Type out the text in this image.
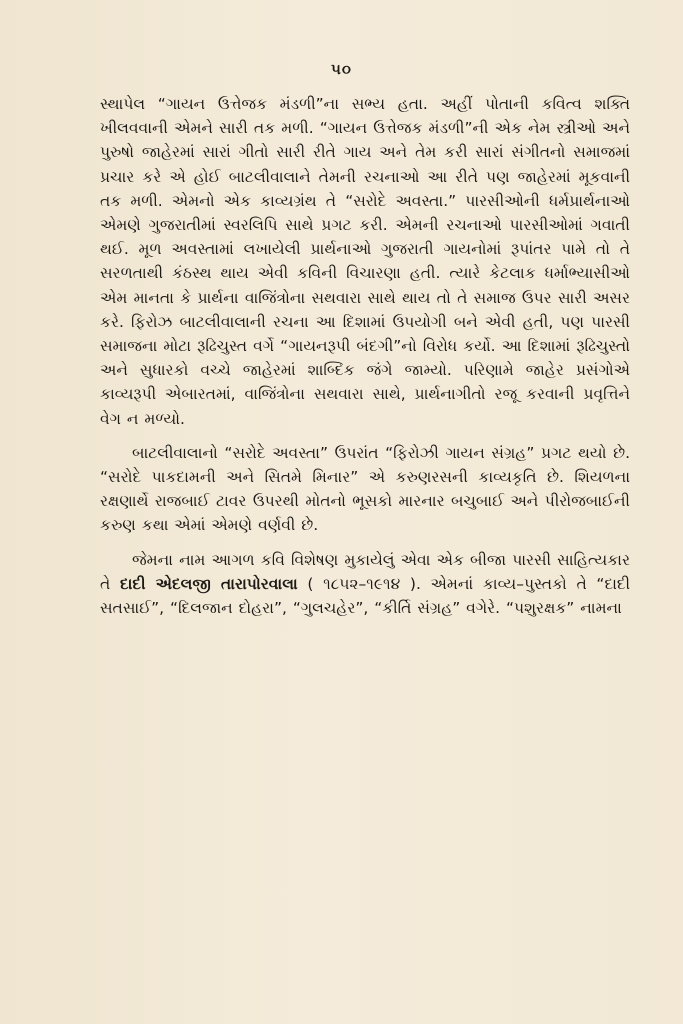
૫૦

સ્થાપેલ “ગાયન ઉત્તેજક મંડળી”ના સભ્ય હતા. અહીં પોતાની કવિત્વ શક્તિ ખીલવવાની એમને સારી તક મળી. “ગાયન ઉત્તેજક મંડળી”ની એક નેમ સ્ત્રીઓ અને પુરુષો જાહેરમાં સારાં ગીતો સારી રીતે ગાય અને તેમ કરી સારાં સંગીતનો સમાજમાં પ્રચાર કરે એ હોઈ બાટલીવાલાને તેમની રચનાઓ આ રીતે પણ જાહેરમાં મૂકવાની તક મળી. એમનો એક કાવ્યગ્રંથ તે “સરોદે અવસ્તા.” પારસીઓની ધર્મપ્રાર્થનાઓ એમણે ગુજરાતીમાં સ્વરલિપિ સાથે પ્રગટ કરી. એમની રચનાઓ પારસીઓમાં ગવાતી થઈ. મૂળ અવસ્તામાં લખાયેલી પ્રાર્થનાઓ ગુજરાતી ગાયનોમાં રૂપાંતર પામે તો તે સરળતાથી કંઠસ્થ થાય એવી કવિની વિચારણા હતી. ત્યારે કેટલાક ધર્માભ્યાસીઓ એમ માનતા કે પ્રાર્થના વાજિંત્રોના સથવારા સાથે થાય તો તે સમાજ ઉપર સારી અસર કરે. ફિરોઝ બાટલીવાલાની રચના આ દિશામાં ઉપયોગી બને એવી હતી, પણ પારસી સમાજના મોટા રૂઢિચુસ્ત વર્ગે “ગાયનરૂપી બંદગી”નો વિરોધ કર્યો. આ દિશામાં રૂઢિચુસ્તો અને સુધારકો વચ્ચે જાહેરમાં શાબ્દિક જંગે જામ્યો. પરિણામે જાહેર પ્રસંગોએ કાવ્યરૂપી એબારતમાં, વાજિંત્રોના સથવારા સાથે, પ્રાર્થનાગીતો રજૂ કરવાની પ્રવૃત્તિને વેગ ન મળ્યો.

બાટલીવાલાનો “સરોદે અવસ્તા” ઉપરાંત “ફિરોઝી ગાયન સંગ્રહ” પ્રગટ થયો છે. “સરોદે પાકદામની અને સિતમે મિનાર” એ કરુણરસની કાવ્યકૃતિ છે. શિયળના રક્ષણાર્થે રાજબાઈ ટાવર ઉપરથી મોતનો ભૂસકો મારનાર બચુબાઈ અને પીરોજબાઈની કરુણ કથા એમાં એમણે વર્ણવી છે.

જેમના નામ આગળ કવિ વિશેષણ મુકાયેલું એવા એક બીજા પારસી સાહિત્યકાર તે દાદી એદલજી તારાપોરવાલા ( ૧૮૫૨–૧૯૧૪ ). એમનાં કાવ્ય–પુસ્તકો તે “દાદી સતસાઈ”, “દિલજાન દોહરા”, “ગુલચહેર”, “કીર્તિ સંગ્રહ” વગેરે. “પશુરક્ષક” નામના
